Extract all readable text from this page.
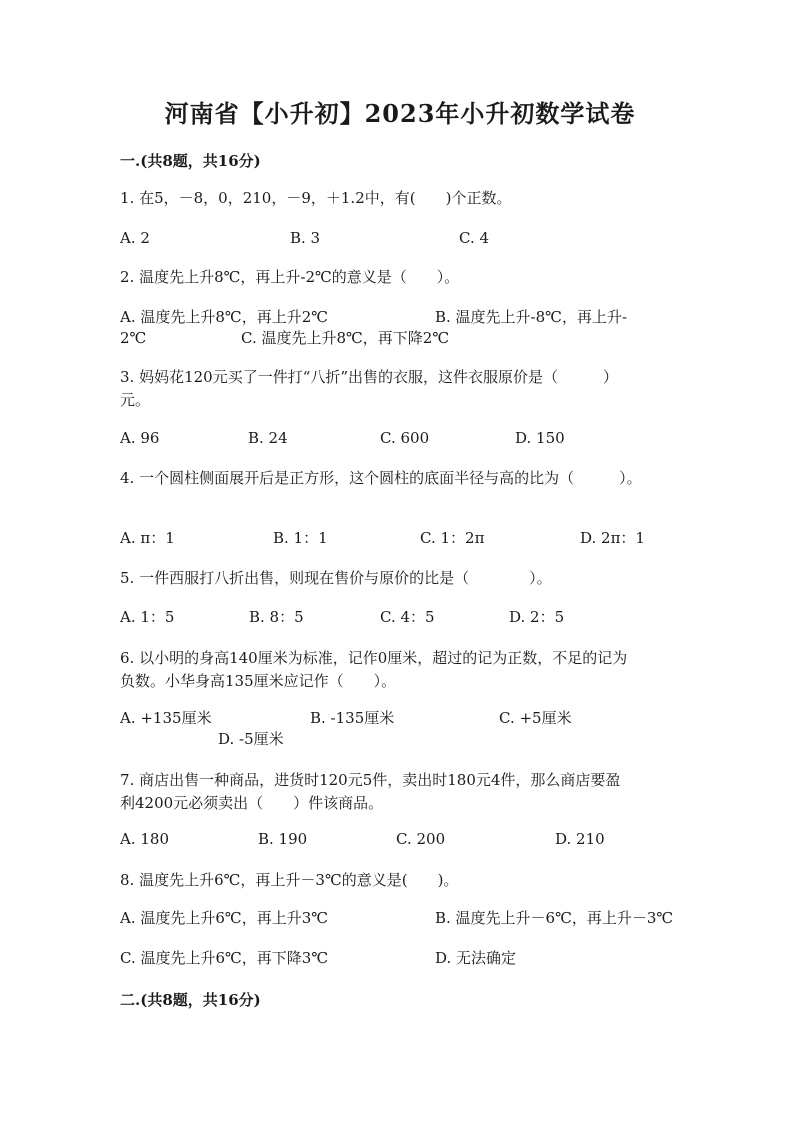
河南省【小升初】2023年小升初数学试卷
一.(共8题，共16分)
1. 在5，－8，0，210，－9，＋1.2中，有(　　)个正数。
A. 2	B. 3	C. 4
2. 温度先上升8℃，再上升-2℃的意义是（　　）。
A. 温度先上升8℃，再上升2℃	B. 温度先上升-8℃，再上升-
2℃	C. 温度先上升8℃，再下降2℃
3. 妈妈花120元买了一件打“八折”出售的衣服，这件衣服原价是（　　　）
元。
A. 96	B. 24	C. 600	D. 150
4. 一个圆柱侧面展开后是正方形，这个圆柱的底面半径与高的比为（　　　）。
A. π：1	B. 1：1	C. 1：2π	D. 2π：1
5. 一件西服打八折出售，则现在售价与原价的比是（　　　　）。
A. 1：5	B. 8：5	C. 4：5	D. 2：5
6. 以小明的身高140厘米为标准，记作0厘米，超过的记为正数，不足的记为
负数。小华身高135厘米应记作（　　）。
A. +135厘米	B. -135厘米	C. +5厘米
D. -5厘米
7. 商店出售一种商品，进货时120元5件，卖出时180元4件，那么商店要盈
利4200元必须卖出（　　）件该商品。
A. 180	B. 190	C. 200	D. 210
8. 温度先上升6℃，再上升－3℃的意义是(　　)。
A. 温度先上升6℃，再上升3℃	B. 温度先上升－6℃，再上升－3℃
C. 温度先上升6℃，再下降3℃	D. 无法确定
二.(共8题，共16分)
